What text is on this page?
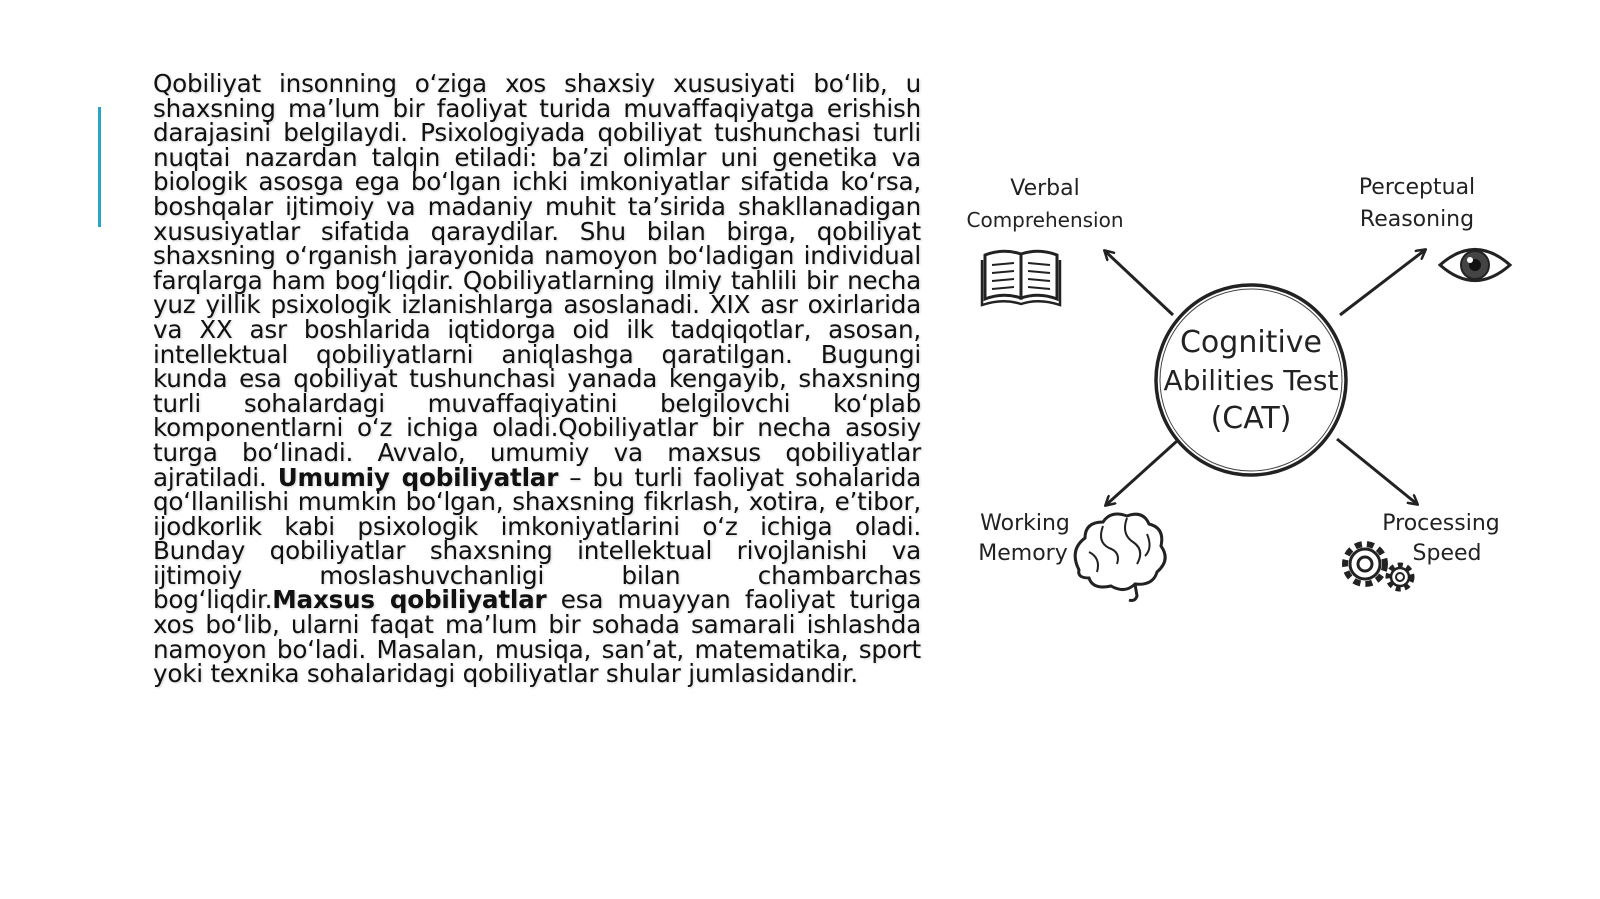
Qobiliyat insonning o‘ziga xos shaxsiy xususiyati bo‘lib, u shaxsning ma’lum bir faoliyat turida muvaffaqiyatga erishish darajasini belgilaydi. Psixologiyada qobiliyat tushunchasi turli nuqtai nazardan talqin etiladi: ba’zi olimlar uni genetika va biologik asosga ega bo‘lgan ichki imkoniyatlar sifatida ko‘rsa, boshqalar ijtimoiy va madaniy muhit ta’sirida shakllanadigan xususiyatlar sifatida qaraydilar. Shu bilan birga, qobiliyat shaxsning o‘rganish jarayonida namoyon bo‘ladigan individual farqlarga ham bog‘liqdir. Qobiliyatlarning ilmiy tahlili bir necha yuz yillik psixologik izlanishlarga asoslanadi. XIX asr oxirlarida va XX asr boshlarida iqtidorga oid ilk tadqiqotlar, asosan, intellektual qobiliyatlarni aniqlashga qaratilgan. Bugungi kunda esa qobiliyat tushunchasi yanada kengayib, shaxsning turli sohalardagi muvaffaqiyatini belgilovchi ko‘plab komponentlarni o‘z ichiga oladi.Qobiliyatlar bir necha asosiy turga bo‘linadi. Avvalo, umumiy va maxsus qobiliyatlar ajratiladi. Umumiy qobiliyatlar – bu turli faoliyat sohalarida qo‘llanilishi mumkin bo‘lgan, shaxsning fikrlash, xotira, e’tibor, ijodkorlik kabi psixologik imkoniyatlarini o‘z ichiga oladi. Bunday qobiliyatlar shaxsning intellektual rivojlanishi va ijtimoiy moslashuvchanligi bilan chambarchas bog‘liqdir.Maxsus qobiliyatlar esa muayyan faoliyat turiga xos bo‘lib, ularni faqat ma’lum bir sohada samarali ishlashda namoyon bo‘ladi. Masalan, musiqa, san’at, matematika, sport yoki texnika sohalaridagi qobiliyatlar shular jumlasidandir.

Cognitive
Abilities Test
(CAT)
Verbal
Comprehension
Perceptual
Reasoning
Working
Memory
Processing
Speed
